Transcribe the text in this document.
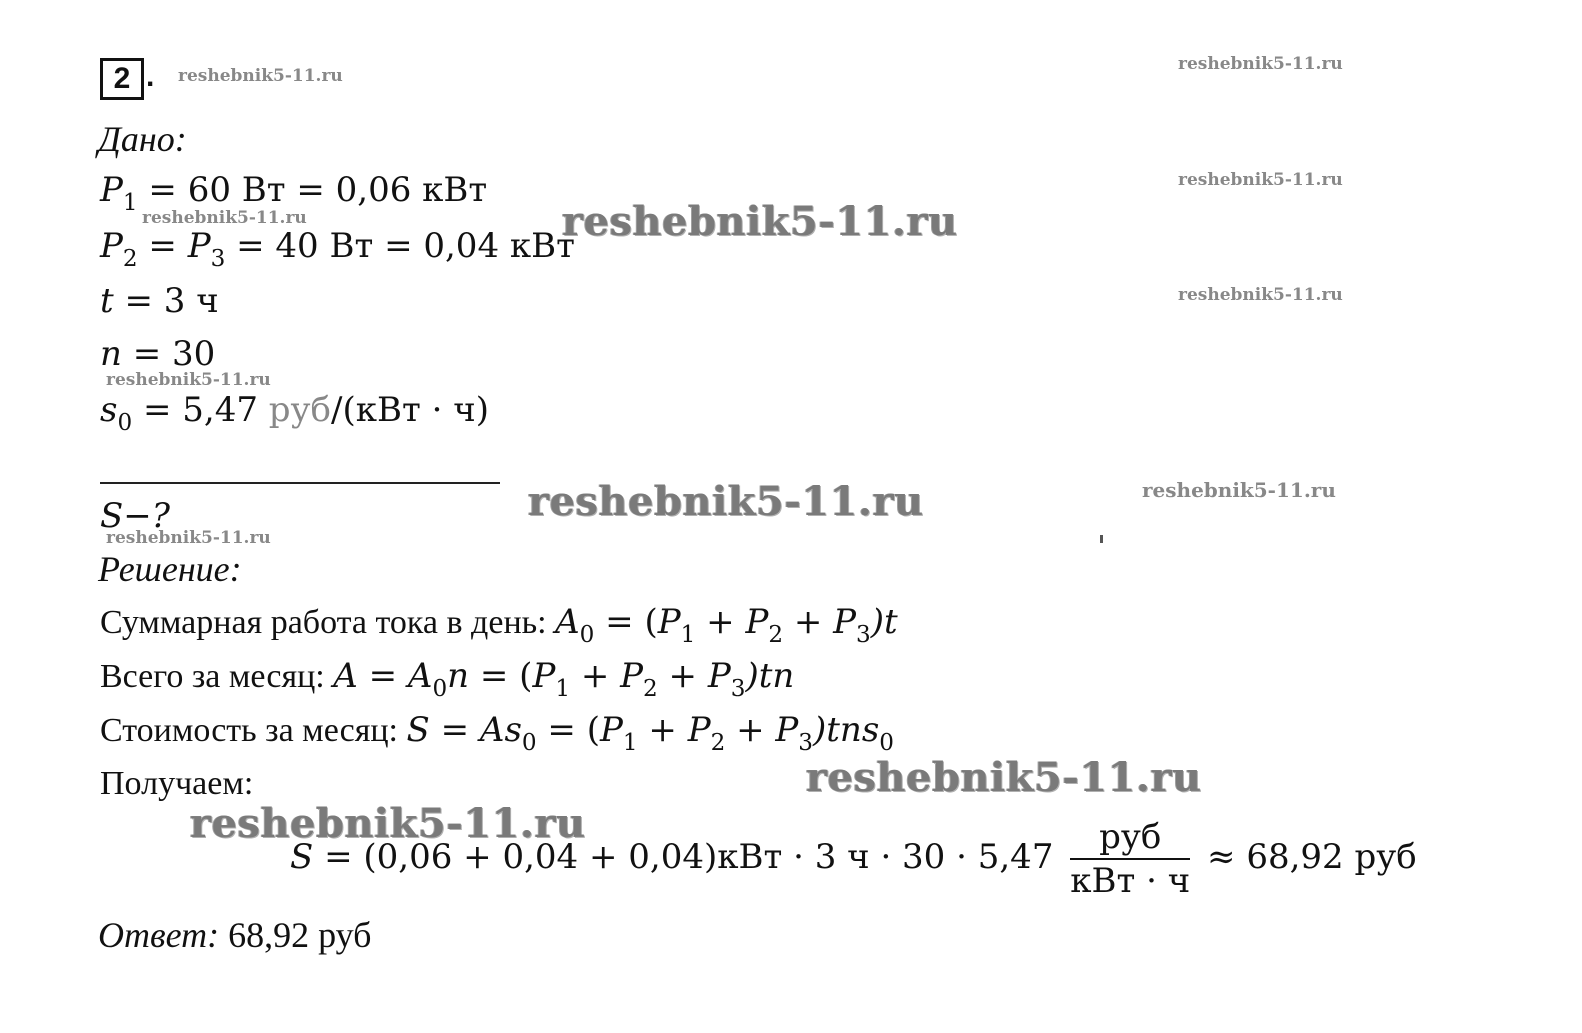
2 . reshebnik5-11.ru
reshebnik5-11.ru
reshebnik5-11.ru
reshebnik5-11.ru	reshebnik5-11.ru
reshebnik5-11.ru
reshebnik5-11.ru
reshebnik5-11.ru	reshebnik5-11.ru
reshebnik5-11.ru
reshebnik5-11.ru
reshebnik5-11.ru
Дано:
$P_1 = 60$ Вт = 0,06 кВт
$P_2 = P_3 = 40$ Вт = 0,04 кВт
t = 3 ч
n = 30
$s_0 = 5,47$ руб/(кВт · ч)
S−?
Решение:
Суммарная работа тока в день: $A_0 = (P_1 + P_2 + P_3)t$
Всего за месяц: $A = A_0n = (P_1 + P_2 + P_3)tn$
Стоимость за месяц: $S = As_0 = (P_1 + P_2 + P_3)tns_0$
Получаем:
S = (0,06 + 0,04 + 0,04)кВт · 3 $ч \cdot 30 \cdot 5,47 \frac{\text{руб}}{\text{кВт · ч}} \approx 68,92$ руб
Ответ: 68,92 руб
